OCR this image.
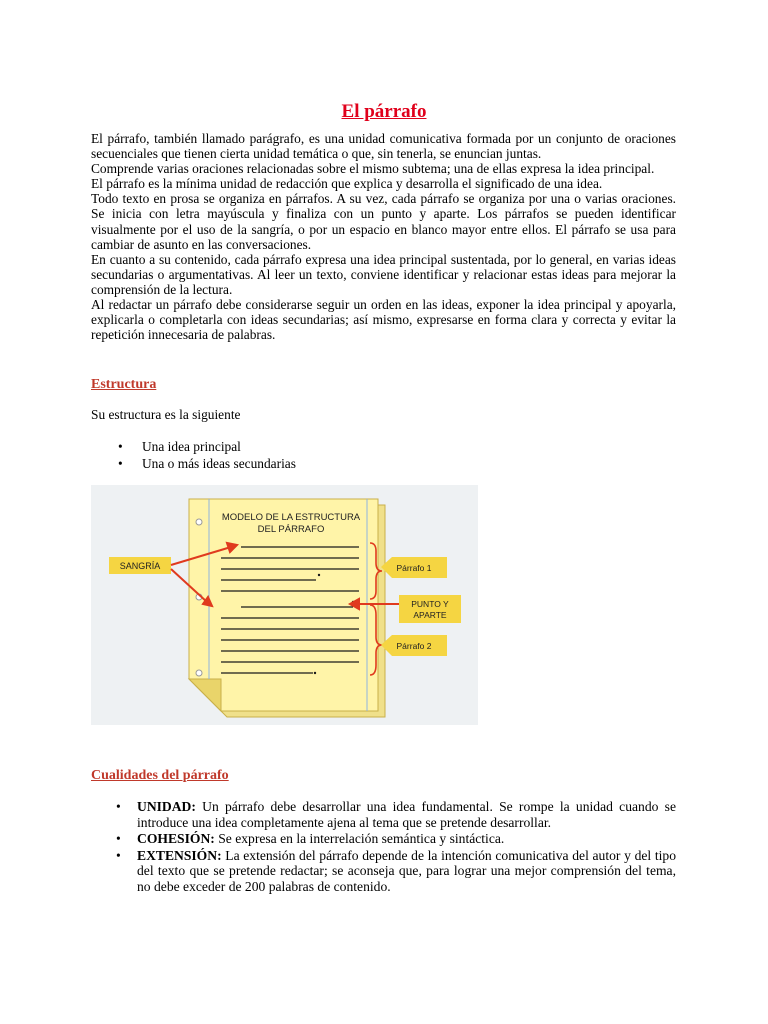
El párrafo

El párrafo, también llamado parágrafo, es una unidad comunicativa formada por un conjunto de oraciones secuenciales que tienen cierta unidad temática o que, sin tenerla, se enuncian juntas.

Comprende varias oraciones relacionadas sobre el mismo subtema; una de ellas expresa la idea principal.

El párrafo es la mínima unidad de redacción que explica y desarrolla el significado de una idea.

Todo texto en prosa se organiza en párrafos. A su vez, cada párrafo se organiza por una o varias oraciones. Se inicia con letra mayúscula y finaliza con un punto y aparte. Los párrafos se pueden identificar visualmente por el uso de la sangría, o por un espacio en blanco mayor entre ellos. El párrafo se usa para cambiar de asunto en las conversaciones.

En cuanto a su contenido, cada párrafo expresa una idea principal sustentada, por lo general, en varias ideas secundarias o argumentativas. Al leer un texto, conviene identificar y relacionar estas ideas para mejorar la comprensión de la lectura.

Al redactar un párrafo debe considerarse seguir un orden en las ideas, exponer la idea principal y apoyarla, explicarla o completarla con ideas secundarias; así mismo, expresarse en forma clara y correcta y evitar la repetición innecesaria de palabras.

Estructura

Su estructura es la siguiente

• Una idea principal
• Una o más ideas secundarias
MODELO DE LA ESTRUCTURA
DEL PÁRRAFO
SANGRÍA	Párrafo 1
PUNTO Y
APARTE
Párrafo 2
Cualidades del párrafo
• UNIDAD: Un párrafo debe desarrollar una idea fundamental. Se rompe la unidad cuando se introduce una idea completamente ajena al tema que se pretende desarrollar.
• COHESIÓN: Se expresa en la interrelación semántica y sintáctica.
• EXTENSIÓN: La extensión del párrafo depende de la intención comunicativa del autor y del tipo del texto que se pretende redactar; se aconseja que, para lograr una mejor comprensión del tema, no debe exceder de 200 palabras de contenido.
